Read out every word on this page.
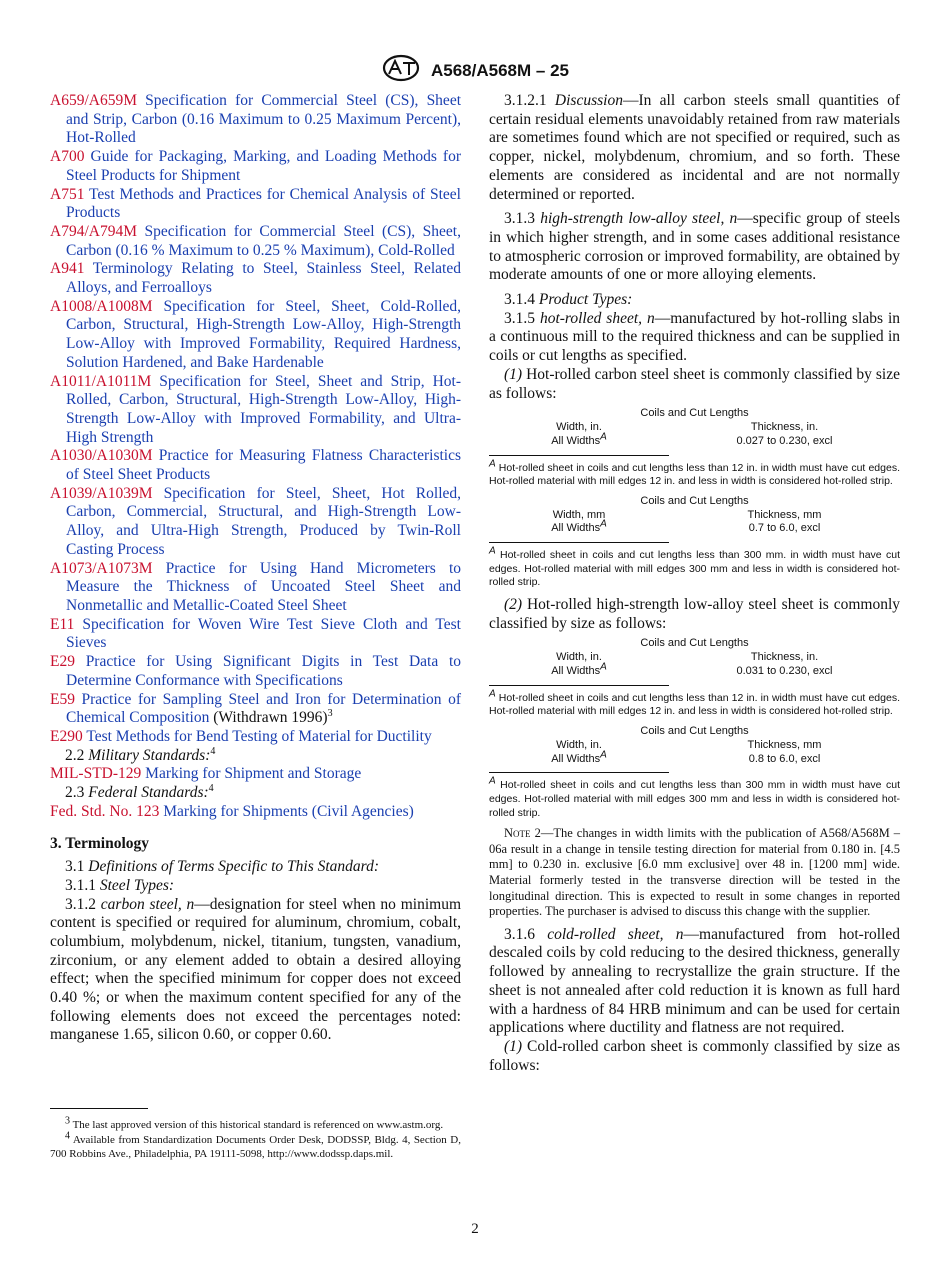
A568/A568M – 25

A659/A659M Specification for Commercial Steel (CS), Sheet and Strip, Carbon (0.16 Maximum to 0.25 Maximum Percent), Hot-Rolled

A700 Guide for Packaging, Marking, and Loading Methods for Steel Products for Shipment

A751 Test Methods and Practices for Chemical Analysis of Steel Products

A794/A794M Specification for Commercial Steel (CS), Sheet, Carbon (0.16 % Maximum to 0.25 % Maximum), Cold-Rolled

A941 Terminology Relating to Steel, Stainless Steel, Related Alloys, and Ferroalloys

A1008/A1008M Specification for Steel, Sheet, Cold-Rolled, Carbon, Structural, High-Strength Low-Alloy, High-Strength Low-Alloy with Improved Formability, Required Hardness, Solution Hardened, and Bake Hardenable

A1011/A1011M Specification for Steel, Sheet and Strip, Hot-Rolled, Carbon, Structural, High-Strength Low-Alloy, High-Strength Low-Alloy with Improved Formability, and Ultra-High Strength

A1030/A1030M Practice for Measuring Flatness Characteristics of Steel Sheet Products

A1039/A1039M Specification for Steel, Sheet, Hot Rolled, Carbon, Commercial, Structural, and High-Strength Low-Alloy, and Ultra-High Strength, Produced by Twin-Roll Casting Process

A1073/A1073M Practice for Using Hand Micrometers to Measure the Thickness of Uncoated Steel Sheet and Nonmetallic and Metallic-Coated Steel Sheet

E11 Specification for Woven Wire Test Sieve Cloth and Test Sieves

E29 Practice for Using Significant Digits in Test Data to Determine Conformance with Specifications

E59 Practice for Sampling Steel and Iron for Determination of Chemical Composition (Withdrawn 1996)$^3$

E290 Test Methods for Bend Testing of Material for Ductility

2.2 Military Standards:$^4$

MIL-STD-129 Marking for Shipment and Storage

2.3 Federal Standards:$^4$

Fed. Std. No. 123 Marking for Shipments (Civil Agencies)

3. Terminology

3.1 Definitions of Terms Specific to This Standard:

3.1.1 Steel Types:

3.1.2 carbon steel, n—designation for steel when no minimum content is specified or required for aluminum, chromium, cobalt, columbium, molybdenum, nickel, titanium, tungsten, vanadium, zirconium, or any element added to obtain a desired alloying effect; when the specified minimum for copper does not exceed 0.40 %; or when the maximum content specified for any of the following elements does not exceed the percentages noted: manganese 1.65, silicon 0.60, or copper 0.60.

$^3$ The last approved version of this historical standard is referenced on www.astm.org.

$^4$ Available from Standardization Documents Order Desk, DODSSP, Bldg. 4, Section D, 700 Robbins Ave., Philadelphia, PA 19111-5098, http://www.dodssp.daps.mil.

3.1.2.1 Discussion—In all carbon steels small quantities of certain residual elements unavoidably retained from raw materials are sometimes found which are not specified or required, such as copper, nickel, molybdenum, chromium, and so forth. These elements are considered as incidental and are not normally determined or reported.

3.1.3 high-strength low-alloy steel, n—specific group of steels in which higher strength, and in some cases additional resistance to atmospheric corrosion or improved formability, are obtained by moderate amounts of one or more alloying elements.

3.1.4 Product Types:

3.1.5 hot-rolled sheet, n—manufactured by hot-rolling slabs in a continuous mill to the required thickness and can be supplied in coils or cut lengths as specified.

(1) Hot-rolled carbon steel sheet is commonly classified by size as follows:

Coils and Cut Lengths
Width, in.	Thickness, in.
All Widths$^A$	0.027 to 0.230, excl

$^A$ Hot-rolled sheet in coils and cut lengths less than 12 in. in width must have cut edges. Hot-rolled material with mill edges 12 in. and less in width is considered hot-rolled strip.

Coils and Cut Lengths
Width, mm	Thickness, mm
All Widths$^A$	0.7 to 6.0, excl

$^A$ Hot-rolled sheet in coils and cut lengths less than 300 mm. in width must have cut edges. Hot-rolled material with mill edges 300 mm and less in width is considered hot-rolled strip.

(2) Hot-rolled high-strength low-alloy steel sheet is commonly classified by size as follows:

Coils and Cut Lengths
Width, in.	Thickness, in.
All Widths$^A$	0.031 to 0.230, excl

$^A$ Hot-rolled sheet in coils and cut lengths less than 12 in. in width must have cut edges. Hot-rolled material with mill edges 12 in. and less in width is considered hot-rolled strip.

Coils and Cut Lengths
Width, in.	Thickness, mm
All Widths$^A$	0.8 to 6.0, excl

$^A$ Hot-rolled sheet in coils and cut lengths less than 300 mm in width must have cut edges. Hot-rolled material with mill edges 300 mm and less in width is considered hot-rolled strip.

Note 2—The changes in width limits with the publication of A568/A568M – 06a result in a change in tensile testing direction for material from 0.180 in. [4.5 mm] to 0.230 in. exclusive [6.0 mm exclusive] over 48 in. [1200 mm] wide. Material formerly tested in the transverse direction will be tested in the longitudinal direction. This is expected to result in some changes in reported properties. The purchaser is advised to discuss this change with the supplier.

3.1.6 cold-rolled sheet, n—manufactured from hot-rolled descaled coils by cold reducing to the desired thickness, generally followed by annealing to recrystallize the grain structure. If the sheet is not annealed after cold reduction it is known as full hard with a hardness of 84 HRB minimum and can be used for certain applications where ductility and flatness are not required.

(1) Cold-rolled carbon sheet is commonly classified by size as follows:

2
